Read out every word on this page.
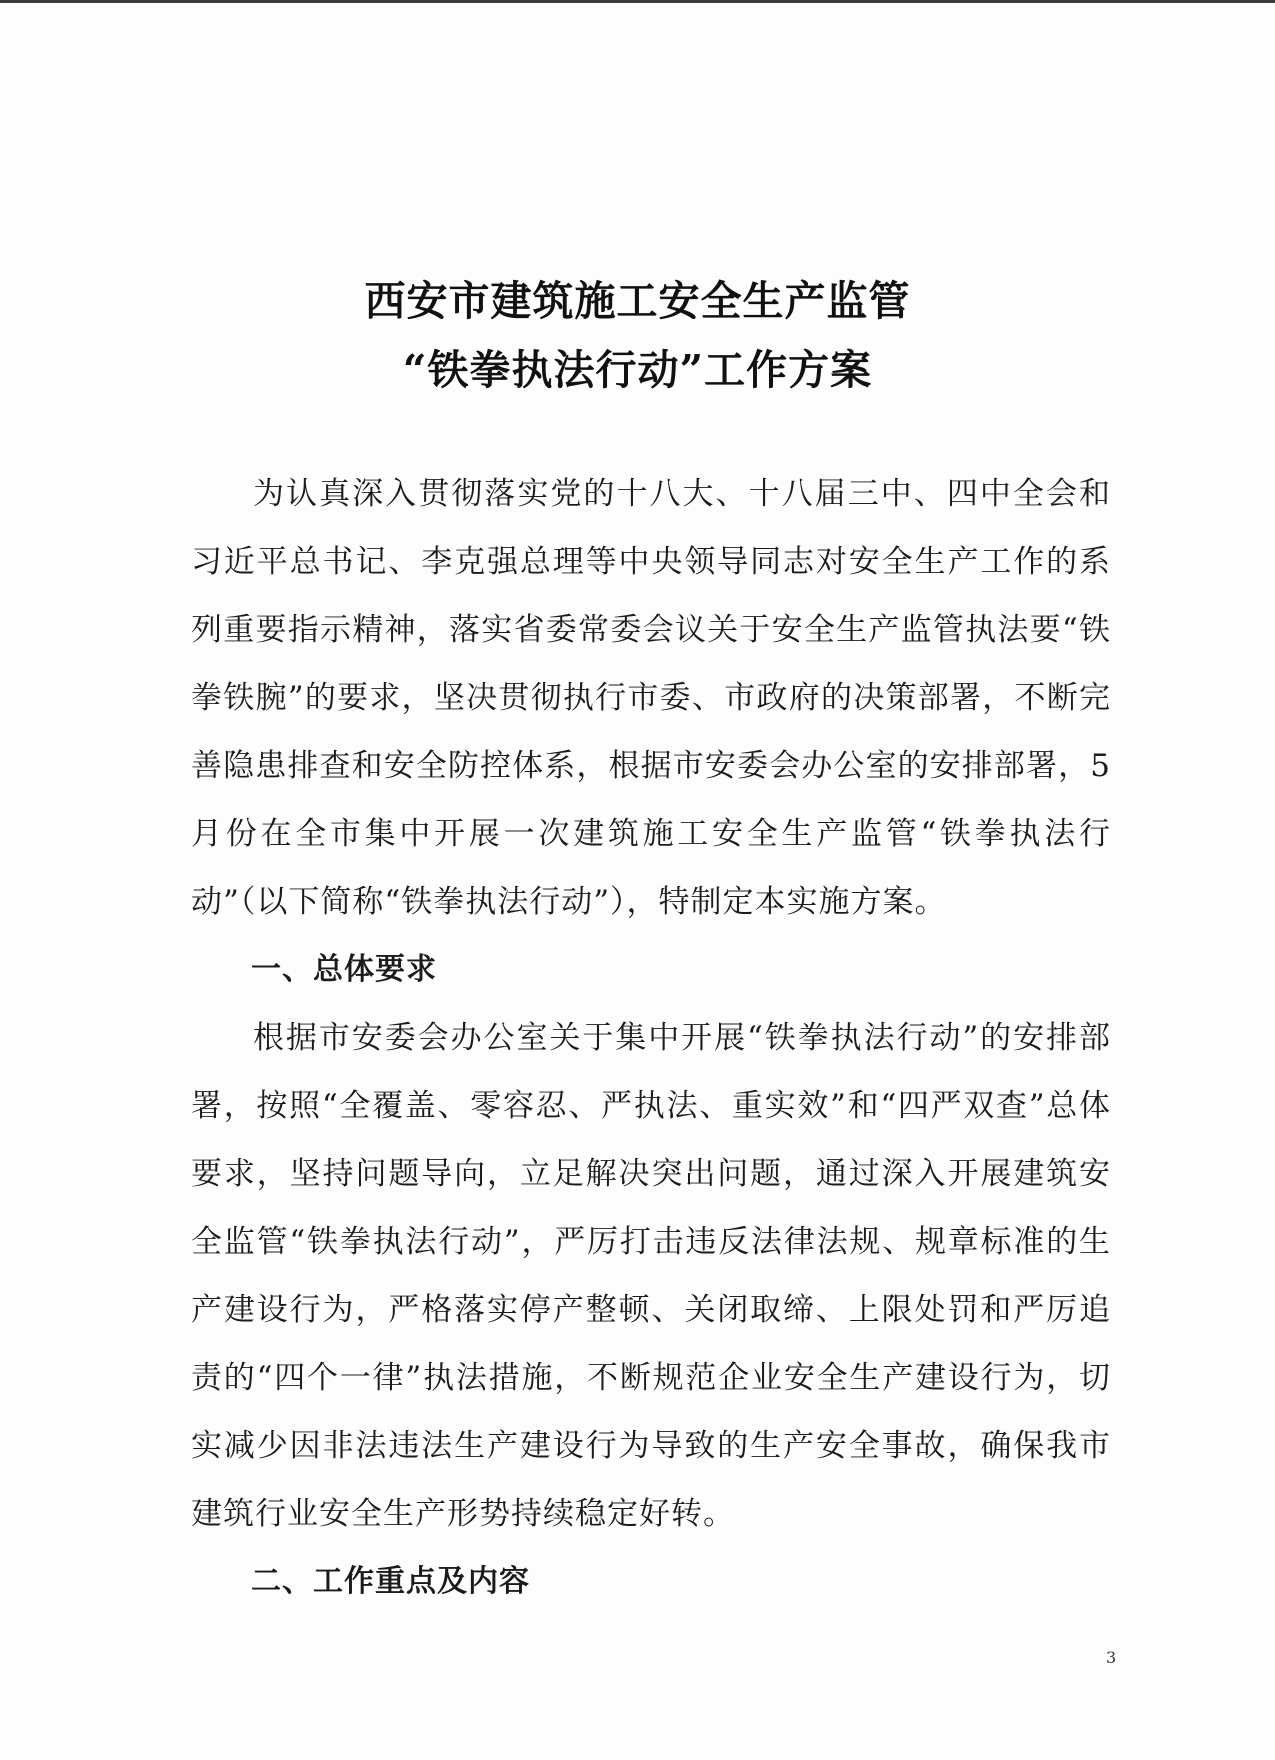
西安市建筑施工安全生产监管
“铁拳执法行动”工作方案

为认真深入贯彻落实党的十八大、十八届三中、四中全会和习近平总书记、李克强总理等中央领导同志对安全生产工作的系列重要指示精神，落实省委常委会议关于安全生产监管执法要“铁拳铁腕”的要求，坚决贯彻执行市委、市政府的决策部署，不断完善隐患排查和安全防控体系，根据市安委会办公室的安排部署，5月份在全市集中开展一次建筑施工安全生产监管“铁拳执法行动”（以下简称“铁拳执法行动”），特制定本实施方案。

一、总体要求

根据市安委会办公室关于集中开展“铁拳执法行动”的安排部署，按照“全覆盖、零容忍、严执法、重实效”和“四严双查”总体要求，坚持问题导向，立足解决突出问题，通过深入开展建筑安全监管“铁拳执法行动”，严厉打击违反法律法规、规章标准的生产建设行为，严格落实停产整顿、关闭取缔、上限处罚和严厉追责的“四个一律”执法措施，不断规范企业安全生产建设行为，切实减少因非法违法生产建设行为导致的生产安全事故，确保我市建筑行业安全生产形势持续稳定好转。

二、工作重点及内容

3
